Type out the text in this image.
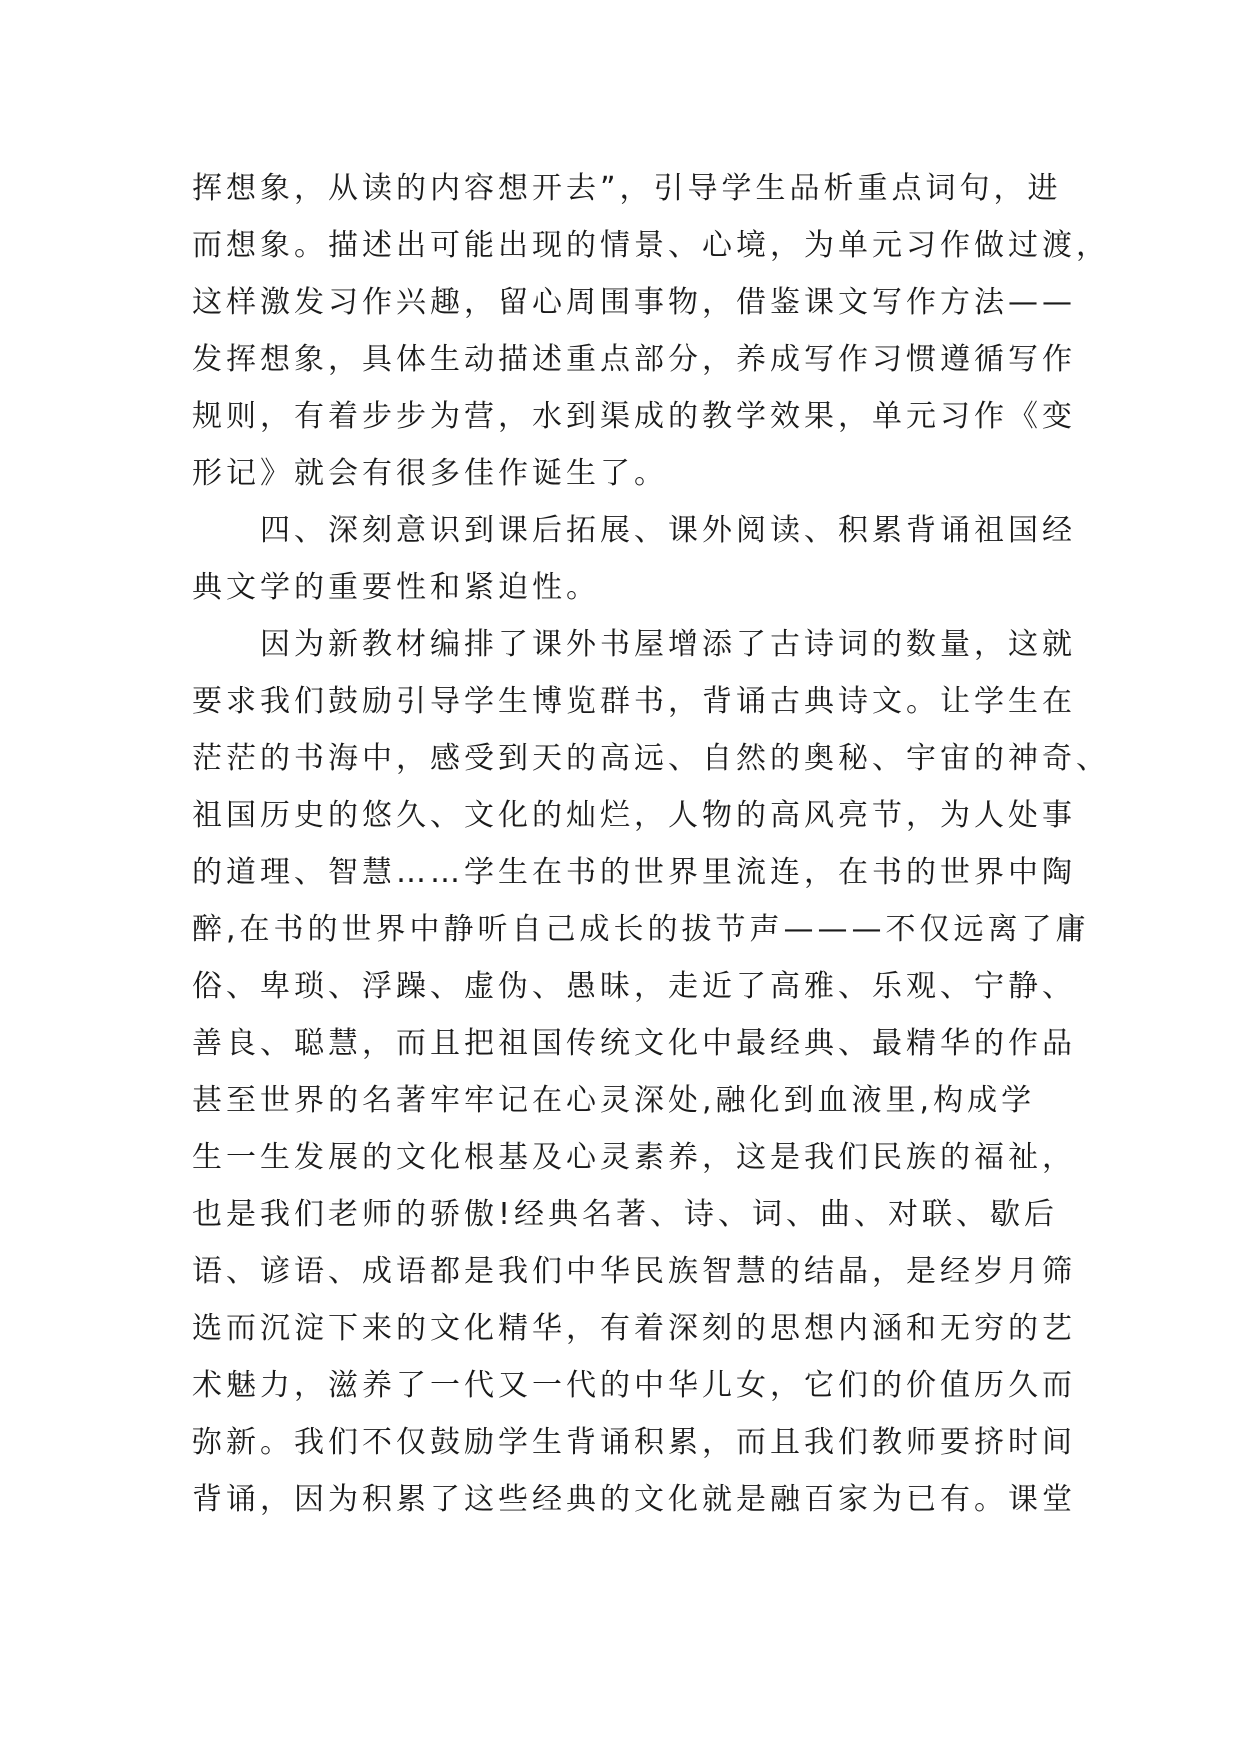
挥想象，从读的内容想开去”，引导学生品析重点词句，进
而想象。描述出可能出现的情景、心境，为单元习作做过渡，
这样激发习作兴趣，留心周围事物，借鉴课文写作方法——
发挥想象，具体生动描述重点部分，养成写作习惯遵循写作
规则，有着步步为营，水到渠成的教学效果，单元习作《变
形记》就会有很多佳作诞生了。
四、深刻意识到课后拓展、课外阅读、积累背诵祖国经
典文学的重要性和紧迫性。
因为新教材编排了课外书屋增添了古诗词的数量，这就
要求我们鼓励引导学生博览群书，背诵古典诗文。让学生在
茫茫的书海中，感受到天的高远、自然的奥秘、宇宙的神奇、
祖国历史的悠久、文化的灿烂，人物的高风亮节，为人处事
的道理、智慧……学生在书的世界里流连，在书的世界中陶
醉,在书的世界中静听自己成长的拔节声———不仅远离了庸
俗、卑琐、浮躁、虚伪、愚昧，走近了高雅、乐观、宁静、
善良、聪慧，而且把祖国传统文化中最经典、最精华的作品
甚至世界的名著牢牢记在心灵深处,融化到血液里,构成学
生一生发展的文化根基及心灵素养，这是我们民族的福祉，
也是我们老师的骄傲!经典名著、诗、词、曲、对联、歇后
语、谚语、成语都是我们中华民族智慧的结晶，是经岁月筛
选而沉淀下来的文化精华，有着深刻的思想内涵和无穷的艺
术魅力，滋养了一代又一代的中华儿女，它们的价值历久而
弥新。我们不仅鼓励学生背诵积累，而且我们教师要挤时间
背诵，因为积累了这些经典的文化就是融百家为已有。课堂
